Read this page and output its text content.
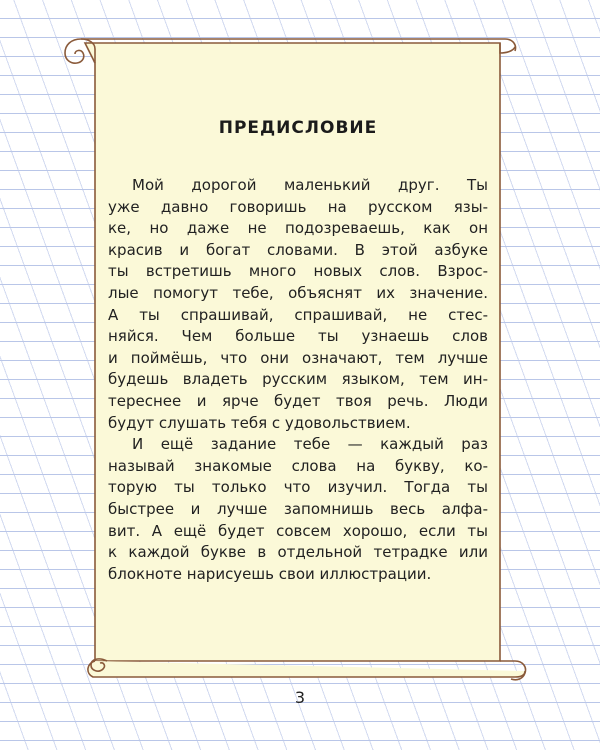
ПРЕДИСЛОВИЕ
Мой дорогой маленький друг. Ты
уже давно говоришь на русском язы-
ке, но даже не подозреваешь, как он
красив и богат словами. В этой азбуке
ты встретишь много новых слов. Взрос-
лые помогут тебе, объяснят их значение.
А ты спрашивай, спрашивай, не стес-
няйся. Чем больше ты узнаешь слов
и поймёшь, что они означают, тем лучше
будешь владеть русским языком, тем ин-
тереснее и ярче будет твоя речь. Люди
будут слушать тебя с удовольствием.
И ещё задание тебе — каждый раз
называй знакомые слова на букву, ко-
торую ты только что изучил. Тогда ты
быстрее и лучше запомнишь весь алфа-
вит. А ещё будет совсем хорошо, если ты
к каждой букве в отдельной тетрадке или
блокноте нарисуешь свои иллюстрации.
3
